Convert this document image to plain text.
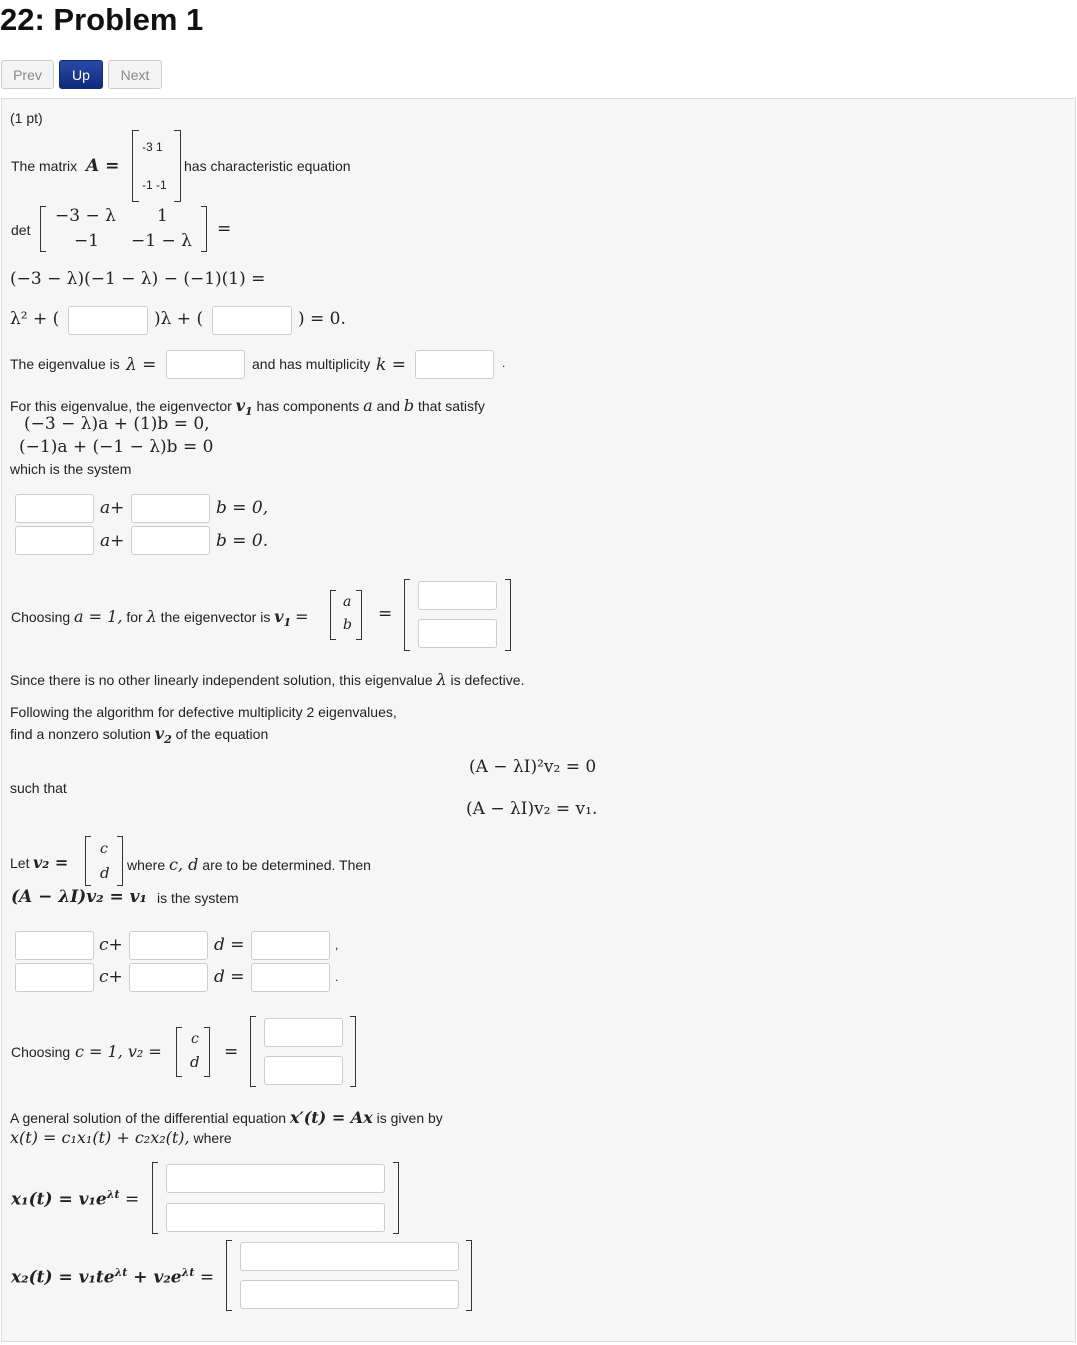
22: Problem 1
Prev	Up	Next
(1 pt)
The matrix A =
-3 1
-1 -1
has characteristic equation
det
−3 − λ 1
−1 −1 − λ
=
(−3 − λ)(−1 − λ) − (−1)(1) =
λ² + (	)λ + (	) = 0.
The eigenvalue is λ =	and has multiplicity k =	.
For this eigenvalue, the eigenvector $v_1$ has components a and b that satisfy
(−3 − λ)a + (1)b = 0,
(−1)a + (−1 − λ)b = 0
which is the system
a+	b = 0,
a+	b = 0.
Choosing a = 1, for λ the eigenvector is $v_1$ =
a
b
=
Since there is no other linearly independent solution, this eigenvalue λ is defective.
Following the algorithm for defective multiplicity 2 eigenvalues,
find a nonzero solution $v_2$ of the equation
(A − λI)²v₂ = 0
such that
(A − λI)v₂ = v₁.
Let v₂ =
c
d where c, d are to be determined. Then
(A − λI)v₂ = v₁ is the system
c+	d =	,
c+	d =	.
Choosing c = 1, v₂ =
c
d =
A general solution of the differential equation x′(t) = Ax is given by
x(t) = c₁x₁(t) + c₂x₂(t), where
$x_1(t) = v_1e^{\lambda t}$ =
$x_2(t) = v_1te^{\lambda t} + v_2e^{\lambda t}$ =
